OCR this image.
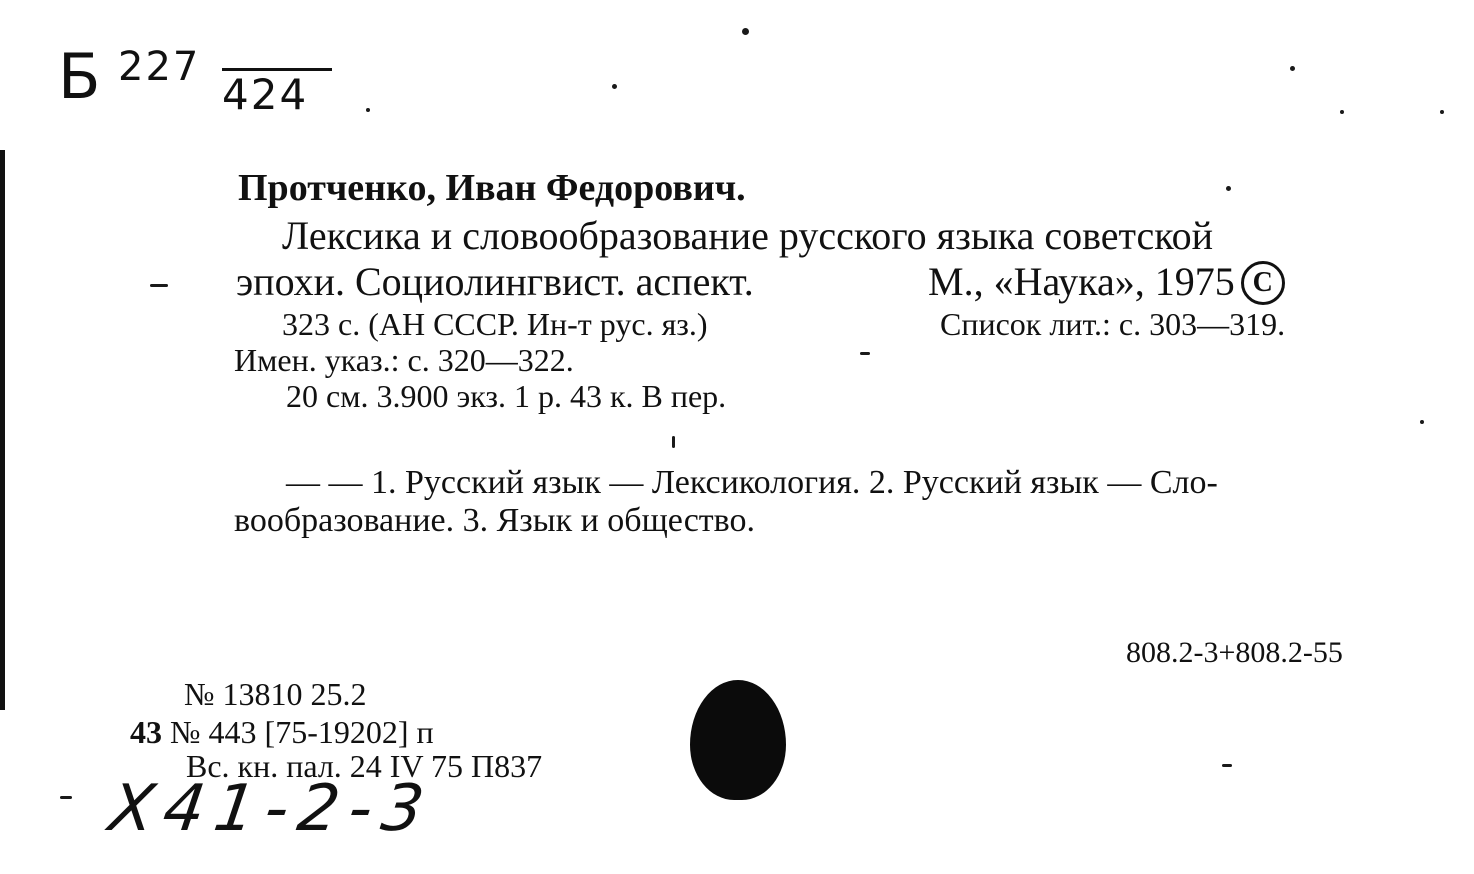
Б 227
424
Протченко, Иван Федорович.
Лексика и словообразование русского языка советской
эпохи. Социолингвист. аспект.	М., «Наука», 1975 C
323 с. (АН СССР. Ин-т рус. яз.)	Список лит.: с. 303—319.
Имен. указ.: с. 320—322.
20 см. 3.900 экз. 1 р. 43 к. В пер.
— — 1. Русский язык — Лексикология. 2. Русский язык — Сло-
вообразование. 3. Язык и общество.
808.2-3+808.2-55
№ 13810 25.2
43 № 443 [75-19202] п
Вс. кн. пал. 24 IV 75 П837
Х41-2-3
